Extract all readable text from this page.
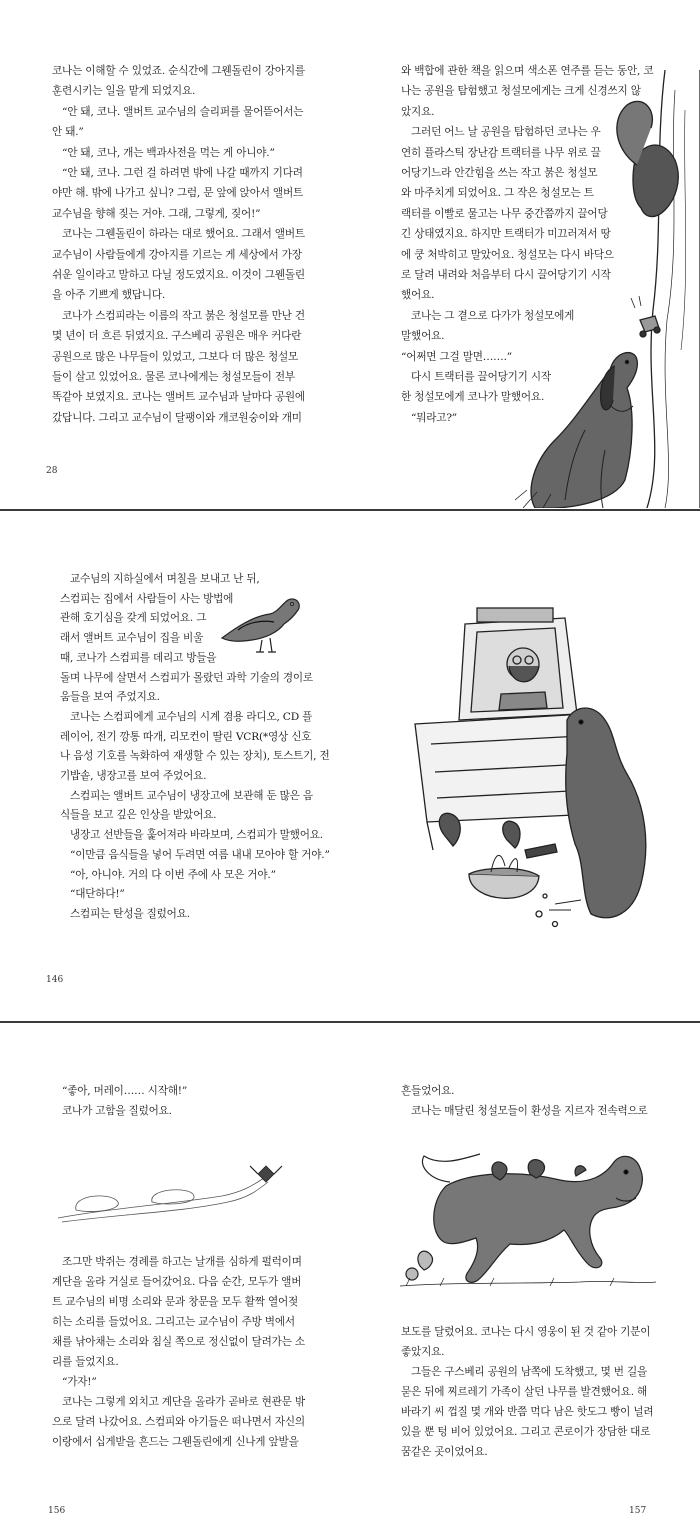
코나는 이해할 수 있었죠. 순식간에 그웬돌린이 강아지를
훈련시키는 일을 맡게 되었지요.
“안 돼, 코나. 앨버트 교수님의 슬리퍼를 물어뜯어서는
안 돼.”
“안 돼, 코나, 개는 백과사전을 먹는 게 아니야.”
“안 돼, 코나. 그런 걸 하려면 밖에 나갈 때까지 기다려
야만 해. 밖에 나가고 싶니? 그럼, 문 앞에 앉아서 앨버트
교수님을 향해 짖는 거야. 그래, 그렇게, 짖어!”
코나는 그웬돌린이 하라는 대로 했어요. 그래서 앨버트
교수님이 사람들에게 강아지를 기르는 게 세상에서 가장
쉬운 일이라고 말하고 다닐 정도였지요. 이것이 그웬돌린
을 아주 기쁘게 했답니다.
코나가 스컴피라는 이름의 작고 붉은 청설모를 만난 건
몇 년이 더 흐른 뒤였지요. 구스베리 공원은 매우 커다란
공원으로 많은 나무들이 있었고, 그보다 더 많은 청설모
들이 살고 있었어요. 물론 코나에게는 청설모들이 전부
똑같아 보였지요. 코나는 앨버트 교수님과 날마다 공원에
갔답니다. 그리고 교수님이 달팽이와 개코원숭이와 개미
와 백합에 관한 책을 읽으며 색소폰 연주를 듣는 동안, 코
나는 공원을 탐험했고 청설모에게는 크게 신경쓰지 않
았지요.
그러던 어느 날 공원을 탐험하던 코나는 우
연히 플라스틱 장난감 트랙터를 나무 위로 끌
어당기느라 안간힘을 쓰는 작고 붉은 청설모
와 마주치게 되었어요. 그 작은 청설모는 트
랙터를 이빨로 물고는 나무 중간쯤까지 끌어당
긴 상태였지요. 하지만 트랙터가 미끄러져서 땅
에 쿵 처박히고 말았어요. 청설모는 다시 바닥으
로 달려 내려와 처음부터 다시 끌어당기기 시작
했어요.
코나는 그 곁으로 다가가 청설모에게
말했어요.
“어쩌면 그걸 말면…….”
다시 트랙터를 끌어당기기 시작
한 청설모에게 코나가 말했어요.
“뭐라고?”
28
교수님의 지하실에서 며칠을 보내고 난 뒤,
스컴피는 집에서 사람들이 사는 방법에
관해 호기심을 갖게 되었어요. 그
래서 앨버트 교수님이 집을 비울
때, 코나가 스컴피를 데리고 방들을
돌며 나무에 살면서 스컴피가 몰랐던 과학 기술의 경이로
움들을 보여 주었지요.
코나는 스컴피에게 교수님의 시계 겸용 라디오, CD 플
레이어, 전기 깡통 따개, 리모컨이 딸린 VCR(*영상 신호
나 음성 기호를 녹화하여 재생할 수 있는 장치), 토스트기, 전
기밥솥, 냉장고를 보여 주었어요.
스컴피는 앨버트 교수님이 냉장고에 보관해 둔 많은 음
식들을 보고 깊은 인상을 받았어요.
냉장고 선반들을 훑어져라 바라보며, 스컴피가 말했어요.
“이만큼 음식들을 넣어 두려면 여름 내내 모아야 할 거야.”
“아, 아니야. 거의 다 이번 주에 사 모은 거야.”
“대단하다!”
스컴피는 탄성을 질렀어요.
146
“좋아, 머레이…… 시작해!”
코나가 고함을 질렀어요.
조그만 박쥐는 경례를 하고는 날개를 심하게 펄럭이며
계단을 올라 거실로 들어갔어요. 다음 순간, 모두가 앨버
트 교수님의 비명 소리와 문과 창문을 모두 활짝 열어젖
히는 소리를 들었어요. 그리고는 교수님이 주방 벽에서
채를 낚아채는 소리와 침실 쪽으로 정신없이 달려가는 소
리를 들었지요.
“가자!”
코나는 그렇게 외치고 계단을 올라가 곧바로 현관문 밖
으로 달려 나갔어요. 스컴피와 아기들은 떠나면서 자신의
이랑에서 십게받을 흔드는 그웬돌린에게 신나게 앞발을
흔들었어요.
코나는 매달린 청설모들이 환성을 지르자 전속력으로
보도를 달렸어요. 코나는 다시 영웅이 된 것 같아 기분이
좋았지요.
그들은 구스베리 공원의 남쪽에 도착했고, 몇 번 길을
묻은 뒤에 찌르레기 가족이 살던 나무를 발견했어요. 해
바라기 씨 껍질 몇 개와 반쯤 먹다 남은 핫도그 빵이 널려
있을 뿐 텅 비어 있었어요. 그리고 콘로이가 장담한 대로
꿈같은 곳이었어요.
156	157
